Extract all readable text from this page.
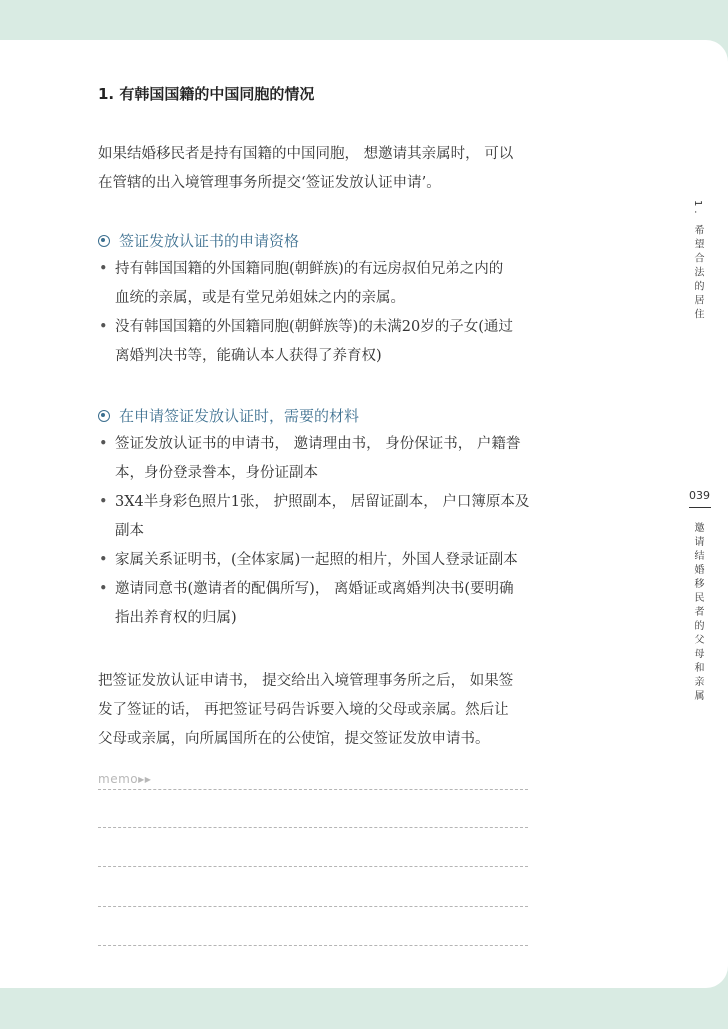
1. 有韩国国籍的中国同胞的情况

如果结婚移民者是持有国籍的中国同胞， 想邀请其亲属时， 可以

在管辖的出入境管理事务所提交‘签证发放认证申请’。

签证发放认证书的申请资格
• 持有韩国国籍的外国籍同胞(朝鲜族)的有远房叔伯兄弟之内的
血统的亲属，或是有堂兄弟姐妹之内的亲属。
• 没有韩国国籍的外国籍同胞(朝鲜族等)的未满20岁的子女(通过
离婚判决书等，能确认本人获得了养育权)
在申请签证发放认证时，需要的材料
• 签证发放认证书的申请书， 邀请理由书， 身份保证书， 户籍誊
本，身份登录誊本，身份证副本
• 3X4半身彩色照片1张， 护照副本， 居留证副本， 户口簿原本及
副本
• 家属关系证明书，(全体家属)一起照的相片，外国人登录证副本
• 邀请同意书(邀请者的配偶所写)， 离婚证或离婚判决书(要明确
指出养育权的归属)

把签证发放认证申请书， 提交给出入境管理事务所之后， 如果签

发了签证的话， 再把签证号码告诉要入境的父母或亲属。然后让

父母或亲属，向所属国所在的公使馆，提交签证发放申请书。

memo▶▶
1. 希望合法的居住
039
邀请结婚移民者的父母和亲属
